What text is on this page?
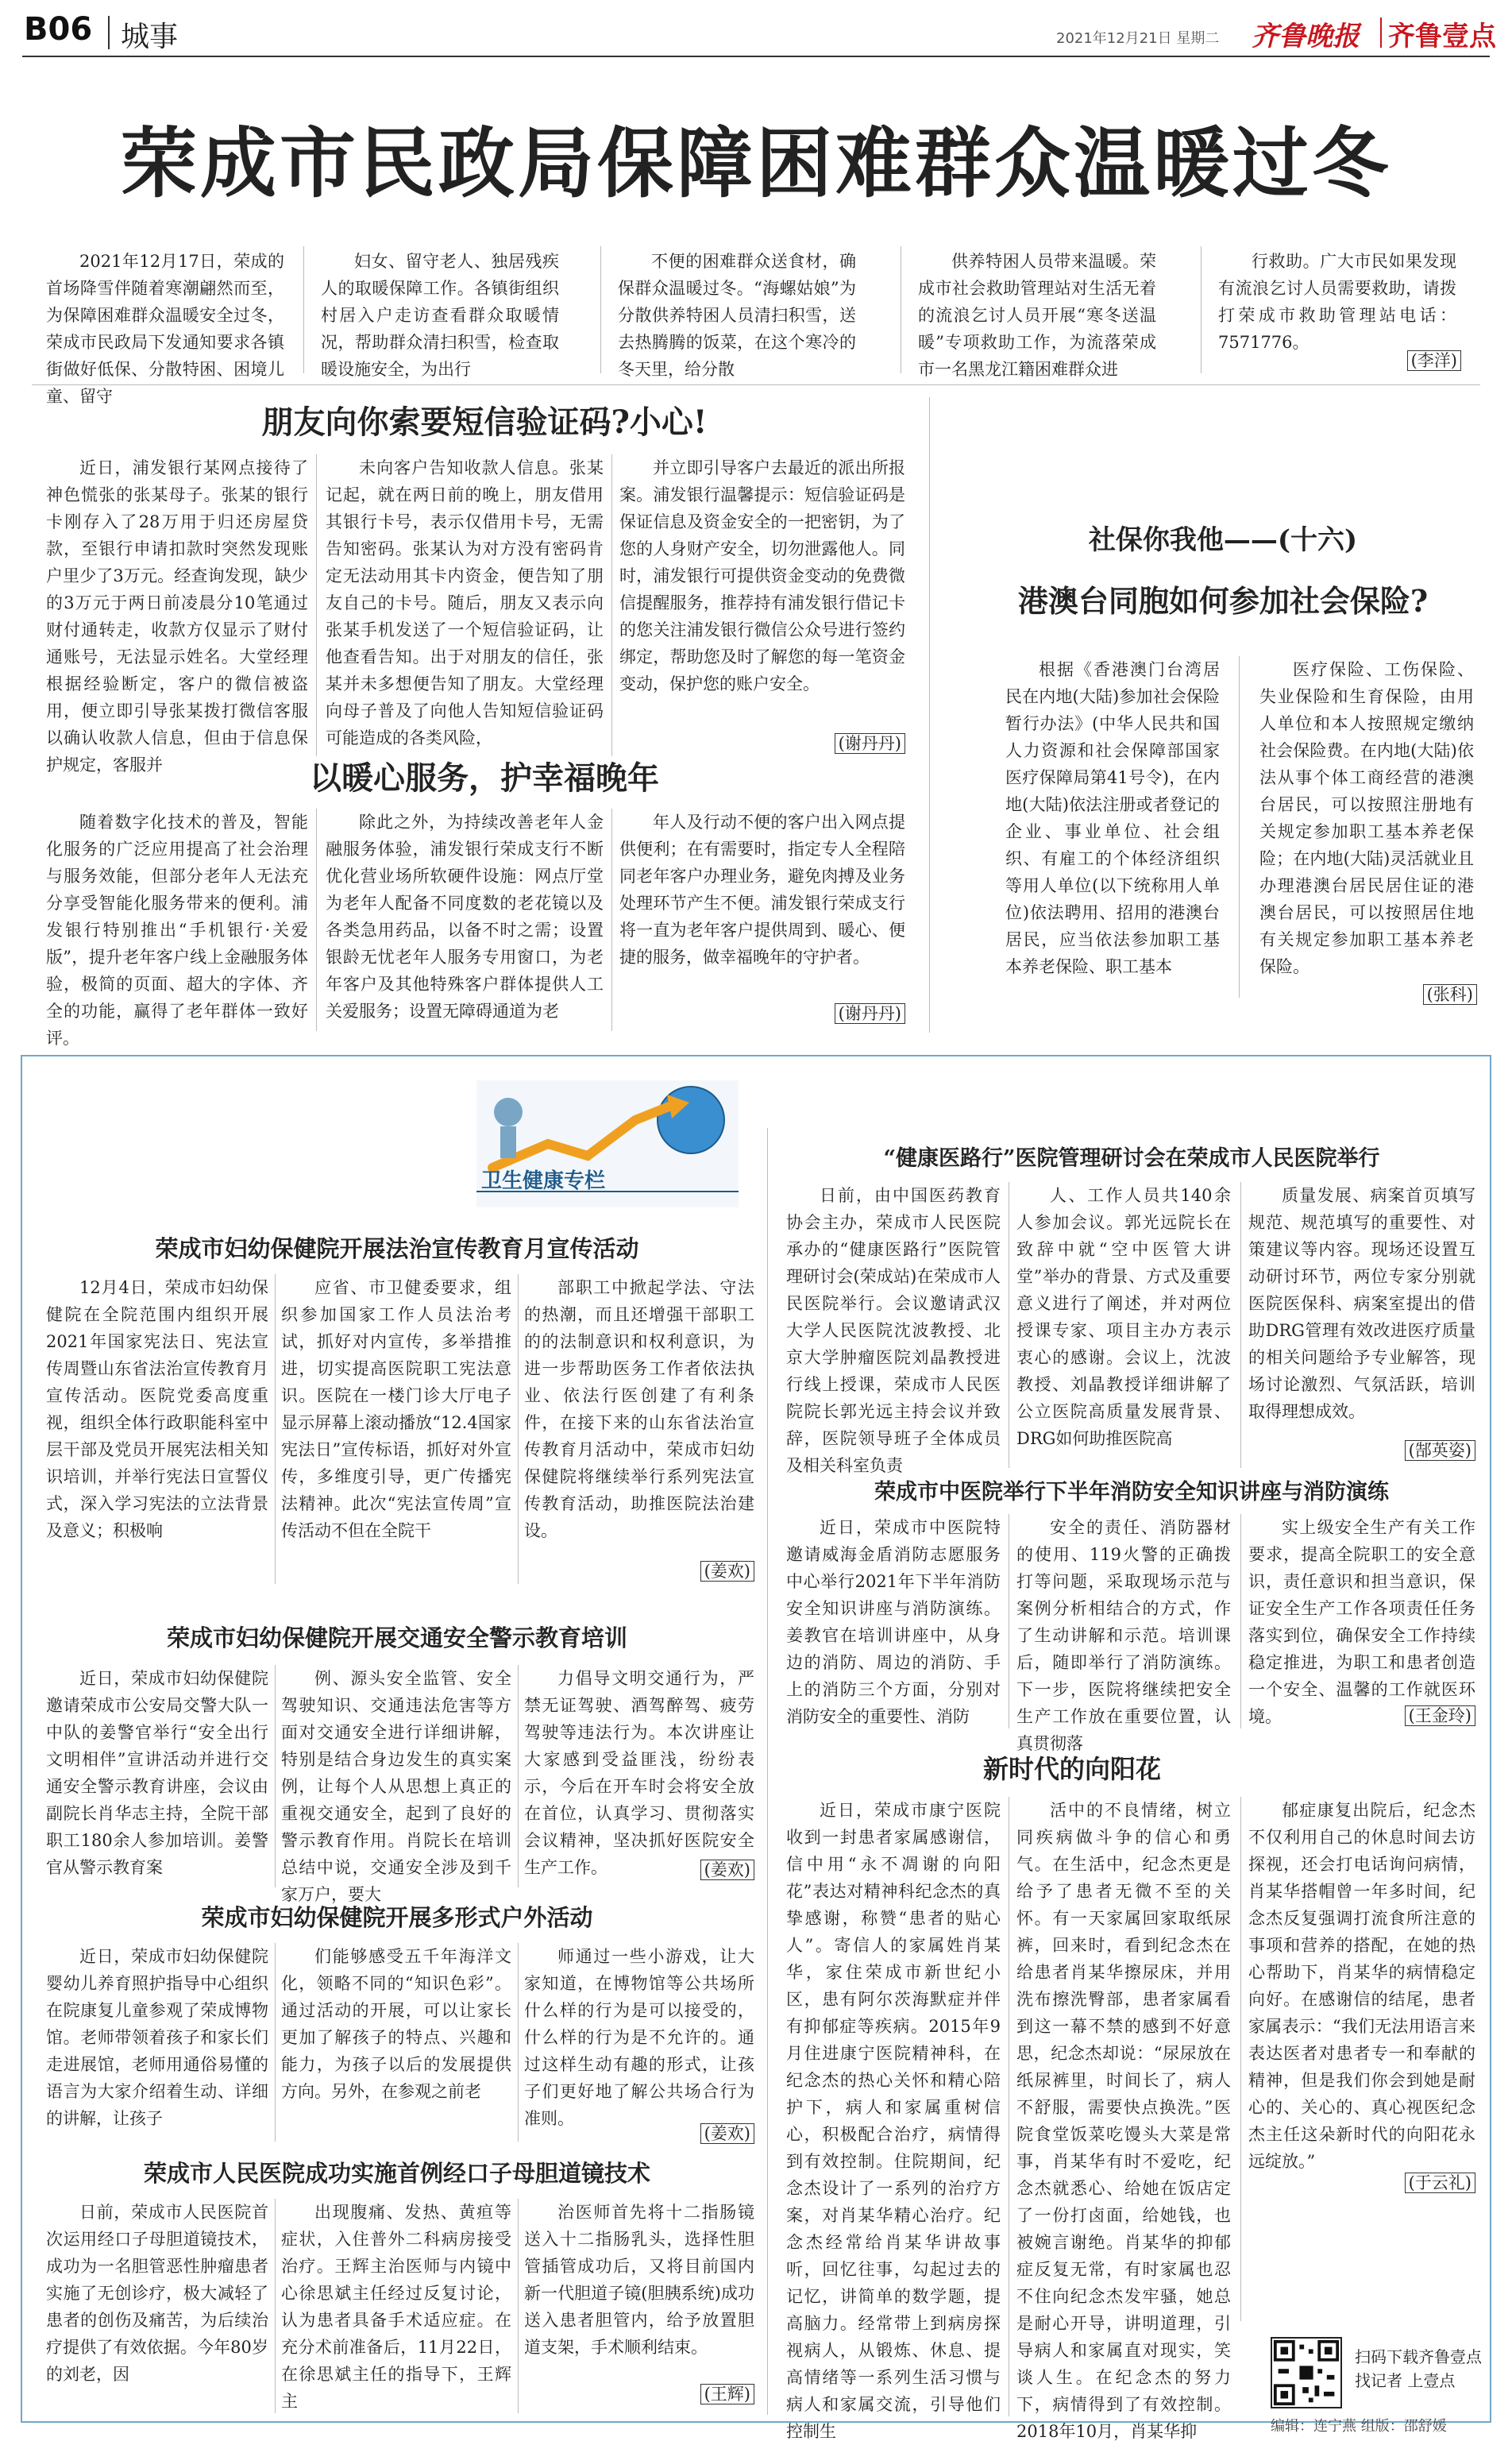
B06 城事	2021年12月21日 星期二 齐鲁晚报 齐鲁壹点
荣成市民政局保障困难群众温暖过冬
2021年12月17日，荣成的首场降雪伴随着寒潮翩然而至，为保障困难群众温暖安全过冬，荣成市民政局下发通知要求各镇街做好低保、分散特困、困境儿童、留守
妇女、留守老人、独居残疾人的取暖保障工作。各镇街组织村居入户走访查看群众取暖情况，帮助群众清扫积雪，检查取暖设施安全，为出行
不便的困难群众送食材，确保群众温暖过冬。“海螺姑娘”为分散供养特困人员清扫积雪，送去热腾腾的饭菜，在这个寒冷的冬天里，给分散
供养特困人员带来温暖。荣成市社会救助管理站对生活无着的流浪乞讨人员开展“寒冬送温暖”专项救助工作，为流落荣成市一名黑龙江籍困难群众进
行救助。广大市民如果发现有流浪乞讨人员需要救助，请拨打荣成市救助管理站电话：7571776。
(李洋)
朋友向你索要短信验证码?小心!
近日，浦发银行某网点接待了神色慌张的张某母子。张某的银行卡刚存入了28万用于归还房屋贷款，至银行申请扣款时突然发现账户里少了3万元。经查询发现，缺少的3万元于两日前凌晨分10笔通过财付通转走，收款方仅显示了财付通账号，无法显示姓名。大堂经理根据经验断定，客户的微信被盗用，便立即引导张某拨打微信客服以确认收款人信息，但由于信息保护规定，客服并
未向客户告知收款人信息。张某记起，就在两日前的晚上，朋友借用其银行卡号，表示仅借用卡号，无需告知密码。张某认为对方没有密码肯定无法动用其卡内资金，便告知了朋友自己的卡号。随后，朋友又表示向张某手机发送了一个短信验证码，让他查看告知。出于对朋友的信任，张某并未多想便告知了朋友。大堂经理向母子普及了向他人告知短信验证码可能造成的各类风险，
并立即引导客户去最近的派出所报案。浦发银行温馨提示：短信验证码是保证信息及资金安全的一把密钥，为了您的人身财产安全，切勿泄露他人。同时，浦发银行可提供资金变动的免费微信提醒服务，推荐持有浦发银行借记卡的您关注浦发银行微信公众号进行签约绑定，帮助您及时了解您的每一笔资金变动，保护您的账户安全。
(谢丹丹)
以暖心服务，护幸福晚年
随着数字化技术的普及，智能化服务的广泛应用提高了社会治理与服务效能，但部分老年人无法充分享受智能化服务带来的便利。浦发银行特别推出“手机银行·关爱版”，提升老年客户线上金融服务体验，极简的页面、超大的字体、齐全的功能，赢得了老年群体一致好评。
除此之外，为持续改善老年人金融服务体验，浦发银行荣成支行不断优化营业场所软硬件设施：网点厅堂为老年人配备不同度数的老花镜以及各类急用药品，以备不时之需；设置银龄无忧老年人服务专用窗口，为老年客户及其他特殊客户群体提供人工关爱服务；设置无障碍通道为老
年人及行动不便的客户出入网点提供便利；在有需要时，指定专人全程陪同老年客户办理业务，避免肉搏及业务处理环节产生不便。浦发银行荣成支行将一直为老年客户提供周到、暖心、便捷的服务，做幸福晚年的守护者。
(谢丹丹)
社保你我他——(十六)
港澳台同胞如何参加社会保险?
根据《香港澳门台湾居民在内地(大陆)参加社会保险暂行办法》(中华人民共和国人力资源和社会保障部国家医疗保障局第41号令)，在内地(大陆)依法注册或者登记的企业、事业单位、社会组织、有雇工的个体经济组织等用人单位(以下统称用人单位)依法聘用、招用的港澳台居民，应当依法参加职工基本养老保险、职工基本
医疗保险、工伤保险、失业保险和生育保险，由用人单位和本人按照规定缴纳社会保险费。在内地(大陆)依法从事个体工商经营的港澳台居民，可以按照注册地有关规定参加职工基本养老保险；在内地(大陆)灵活就业且办理港澳台居民居住证的港澳台居民，可以按照居住地有关规定参加职工基本养老保险。
(张科)
卫生健康专栏
荣成市妇幼保健院开展法治宣传教育月宣传活动
12月4日，荣成市妇幼保健院在全院范围内组织开展2021年国家宪法日、宪法宣传周暨山东省法治宣传教育月宣传活动。医院党委高度重视，组织全体行政职能科室中层干部及党员开展宪法相关知识培训，并举行宪法日宣誓仪式，深入学习宪法的立法背景及意义；积极响
应省、市卫健委要求，组织参加国家工作人员法治考试，抓好对内宣传，多举措推进，切实提高医院职工宪法意识。医院在一楼门诊大厅电子显示屏幕上滚动播放“12.4国家宪法日”宣传标语，抓好对外宣传，多维度引导，更广传播宪法精神。此次“宪法宣传周”宣传活动不但在全院干
部职工中掀起学法、守法的热潮，而且还增强干部职工的的法制意识和权利意识，为进一步帮助医务工作者依法执业、依法行医创建了有利条件，在接下来的山东省法治宣传教育月活动中，荣成市妇幼保健院将继续举行系列宪法宣传教育活动，助推医院法治建设。
(姜欢)
荣成市妇幼保健院开展交通安全警示教育培训
近日，荣成市妇幼保健院邀请荣成市公安局交警大队一中队的姜警官举行“安全出行 文明相伴”宣讲活动并进行交通安全警示教育讲座，会议由副院长肖华志主持，全院干部职工180余人参加培训。姜警官从警示教育案
例、源头安全监管、安全驾驶知识、交通违法危害等方面对交通安全进行详细讲解，特别是结合身边发生的真实案例，让每个人从思想上真正的重视交通安全，起到了良好的警示教育作用。肖院长在培训总结中说，交通安全涉及到千家万户，要大
力倡导文明交通行为，严禁无证驾驶、酒驾醉驾、疲劳驾驶等违法行为。本次讲座让大家感到受益匪浅，纷纷表示，今后在开车时会将安全放在首位，认真学习、贯彻落实会议精神，坚决抓好医院安全生产工作。	(姜欢)
荣成市妇幼保健院开展多形式户外活动
近日，荣成市妇幼保健院婴幼儿养育照护指导中心组织在院康复儿童参观了荣成博物馆。老师带领着孩子和家长们走进展馆，老师用通俗易懂的语言为大家介绍着生动、详细的讲解，让孩子
们能够感受五千年海洋文化，领略不同的“知识色彩”。通过活动的开展，可以让家长更加了解孩子的特点、兴趣和能力，为孩子以后的发展提供方向。另外，在参观之前老
师通过一些小游戏，让大家知道，在博物馆等公共场所什么样的行为是可以接受的，什么样的行为是不允许的。通过这样生动有趣的形式，让孩子们更好地了解公共场合行为准则。
(姜欢)
荣成市人民医院成功实施首例经口子母胆道镜技术
日前，荣成市人民医院首次运用经口子母胆道镜技术，成功为一名胆管恶性肿瘤患者实施了无创诊疗，极大减轻了患者的创伤及痛苦，为后续治疗提供了有效依据。今年80岁的刘老，因
出现腹痛、发热、黄疸等症状，入住普外二科病房接受治疗。王辉主治医师与内镜中心徐思斌主任经过反复讨论，认为患者具备手术适应症。在充分术前准备后，11月22日，在徐思斌主任的指导下，王辉主
治医师首先将十二指肠镜送入十二指肠乳头，选择性胆管插管成功后，又将目前国内新一代胆道子镜(胆胰系统)成功送入患者胆管内，给予放置胆道支架，手术顺利结束。
(王辉)
“健康医路行”医院管理研讨会在荣成市人民医院举行
日前，由中国医药教育协会主办，荣成市人民医院承办的“健康医路行”医院管理研讨会(荣成站)在荣成市人民医院举行。会议邀请武汉大学人民医院沈波教授、北京大学肿瘤医院刘晶教授进行线上授课，荣成市人民医院院长郭光远主持会议并致辞，医院领导班子全体成员及相关科室负责
人、工作人员共140余人参加会议。郭光远院长在致辞中就“空中医管大讲堂”举办的背景、方式及重要意义进行了阐述，并对两位授课专家、项目主办方表示衷心的感谢。会议上，沈波教授、刘晶教授详细讲解了公立医院高质量发展背景、DRG如何助推医院高
质量发展、病案首页填写规范、规范填写的重要性、对策建议等内容。现场还设置互动研讨环节，两位专家分别就医院医保科、病案室提出的借助DRG管理有效改进医疗质量的相关问题给予专业解答，现场讨论激烈、气氛活跃，培训取得理想成效。
(郜英姿)
荣成市中医院举行下半年消防安全知识讲座与消防演练
近日，荣成市中医院特邀请威海金盾消防志愿服务中心举行2021年下半年消防安全知识讲座与消防演练。姜教官在培训讲座中，从身边的消防、周边的消防、手上的消防三个方面，分别对消防安全的重要性、消防
安全的责任、消防器材的使用、119火警的正确拨打等问题，采取现场示范与案例分析相结合的方式，作了生动讲解和示范。培训课后，随即举行了消防演练。下一步，医院将继续把安全生产工作放在重要位置，认真贯彻落
实上级安全生产有关工作要求，提高全院职工的安全意识，责任意识和担当意识，保证安全生产工作各项责任任务落实到位，确保安全工作持续稳定推进，为职工和患者创造一个安全、温馨的工作就医环境。	(王金玲)
新时代的向阳花
近日，荣成市康宁医院收到一封患者家属感谢信，信中用“永不凋谢的向阳花”表达对精神科纪念杰的真挚感谢，称赞“患者的贴心人”。寄信人的家属姓肖某华，家住荣成市新世纪小区，患有阿尔茨海默症并伴有抑郁症等疾病。2015年9月住进康宁医院精神科，在纪念杰的热心关怀和精心陪护下，病人和家属重树信心，积极配合治疗，病情得到有效控制。住院期间，纪念杰设计了一系列的治疗方案，对肖某华精心治疗。纪念杰经常给肖某华讲故事听，回忆往事，勾起过去的记忆，讲简单的数学题，提高脑力。经常带上到病房探视病人，从锻炼、休息、提高情绪等一系列生活习惯与病人和家属交流，引导他们控制生
活中的不良情绪，树立同疾病做斗争的信心和勇气。在生活中，纪念杰更是给予了患者无微不至的关怀。有一天家属回家取纸尿裤，回来时，看到纪念杰在给患者肖某华擦尿床，并用洗布擦洗臀部，患者家属看到这一幕不禁的感到不好意思，纪念杰却说：“尿尿放在纸尿裤里，时间长了，病人不舒服，需要快点换洗。”医院食堂饭菜吃馒头大菜是常事，肖某华有时不爱吃，纪念杰就悉心、给她在饭店定了一份打卤面，给她钱，也被婉言谢绝。肖某华的抑郁症反复无常，有时家属也忍不住向纪念杰发牢骚，她总是耐心开导，讲明道理，引导病人和家属直对现实，笑谈人生。在纪念杰的努力下，病情得到了有效控制。2018年10月，肖某华抑
郁症康复出院后，纪念杰不仅利用自己的休息时间去访探视，还会打电话询问病情，肖某华搭帽曾一年多时间，纪念杰反复强调打流食所注意的事项和营养的搭配，在她的热心帮助下，肖某华的病情稳定向好。在感谢信的结尾，患者家属表示：“我们无法用语言来表达医者对患者专一和奉献的精神，但是我们你会到她是耐心的、关心的、真心视医纪念杰主任这朵新时代的向阳花永远绽放。”
(于云礼)
扫码下载齐鲁壹点
找记者 上壹点
编辑：连宁燕 组版：邵舒媛
